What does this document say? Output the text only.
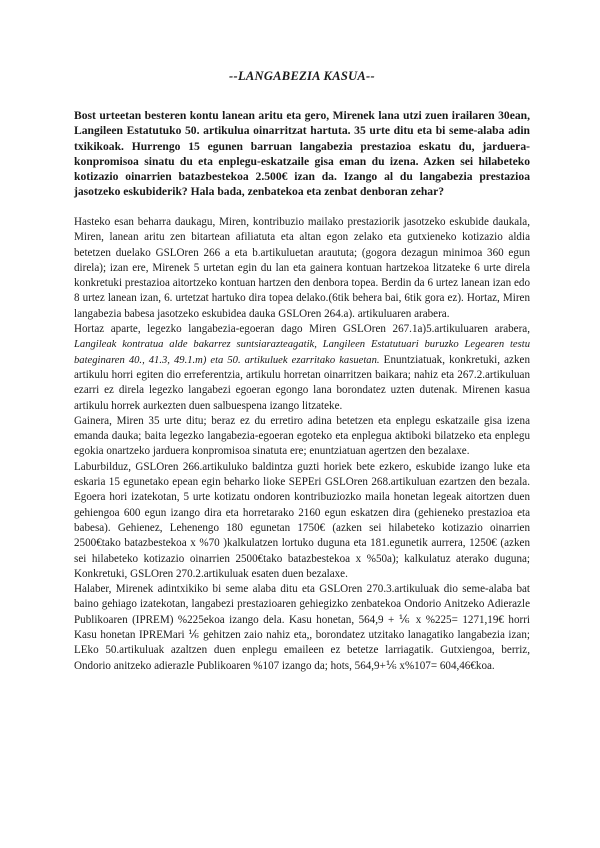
--LANGABEZIA KASUA--

Bost urteetan besteren kontu lanean aritu eta gero, Mirenek lana utzi zuen irailaren 30ean, Langileen Estatutuko 50. artikulua oinarritzat hartuta. 35 urte ditu eta bi seme-alaba adin txikikoak. Hurrengo 15 egunen barruan langabezia prestazioa eskatu du, jarduera-konpromisoa sinatu du eta enplegu-eskatzaile gisa eman du izena. Azken sei hilabeteko kotizazio oinarrien batazbestekoa 2.500€ izan da. Izango al du langabezia prestazioa jasotzeko eskubiderik? Hala bada, zenbatekoa eta zenbat denboran zehar?

Hasteko esan beharra daukagu, Miren, kontribuzio mailako prestaziorik jasotzeko eskubide daukala, Miren, lanean aritu zen bitartean afiliatuta eta altan egon zelako eta gutxieneko kotizazio aldia betetzen duelako GSLOren 266 a eta b.artikuluetan araututa; (gogora dezagun minimoa 360 egun direla); izan ere, Mirenek 5 urtetan egin du lan eta gainera kontuan hartzekoa litzateke 6 urte direla konkretuki prestazioa aitortzeko kontuan hartzen den denbora topea. Berdin da 6 urtez lanean izan edo 8 urtez lanean izan, 6. urtetzat hartuko dira topea delako.(6tik behera bai, 6tik gora ez). Hortaz, Miren langabezia babesa jasotzeko eskubidea dauka GSLOren 264.a). artikuluaren arabera.

Hortaz aparte, legezko langabezia-egoeran dago Miren GSLOren 267.1a)5.artikuluaren arabera, Langileak kontratua alde bakarrez suntsiarazteagatik, Langileen Estatutuari buruzko Legearen testu bateginaren 40., 41.3, 49.1.m) eta 50. artikuluek ezarritako kasuetan. Enuntziatuak, konkretuki, azken artikulu horri egiten dio erreferentzia, artikulu horretan oinarritzen baikara; nahiz eta 267.2.artikuluan ezarri ez direla legezko langabezi egoeran egongo lana borondatez uzten dutenak. Mirenen kasua artikulu horrek aurkezten duen salbuespena izango litzateke.

Gainera, Miren 35 urte ditu; beraz ez du erretiro adina betetzen eta enplegu eskatzaile gisa izena emanda dauka; baita legezko langabezia-egoeran egoteko eta enplegua aktiboki bilatzeko eta enplegu egokia onartzeko jarduera konpromisoa sinatuta ere; enuntziatuan agertzen den bezalaxe.

Laburbilduz, GSLOren 266.artikuluko baldintza guzti horiek bete ezkero, eskubide izango luke eta eskaria 15 egunetako epean egin beharko lioke SEPEri GSLOren 268.artikuluan ezartzen den bezala. Egoera hori izatekotan, 5 urte kotizatu ondoren kontribuziozko maila honetan legeak aitortzen duen gehiengoa 600 egun izango dira eta horretarako 2160 egun eskatzen dira (gehieneko prestazioa eta babesa). Gehienez, Lehenengo 180 egunetan 1750€ (azken sei hilabeteko kotizazio oinarrien 2500€tako batazbestekoa x %70 )kalkulatzen lortuko duguna eta 181.egunetik aurrera, 1250€ (azken sei hilabeteko kotizazio oinarrien 2500€tako batazbestekoa x %50a); kalkulatuz aterako duguna; Konkretuki, GSLOren 270.2.artikuluak esaten duen bezalaxe.

Halaber, Mirenek adintxikiko bi seme alaba ditu eta GSLOren 270.3.artikuluak dio seme-alaba bat baino gehiago izatekotan, langabezi prestazioaren gehiegizko zenbatekoa Ondorio Anitzeko Adierazle Publikoaren (IPREM) %225ekoa izango dela. Kasu honetan, 564,9 + ⅙ x %225= 1271,19€ horri Kasu honetan IPREMari ⅙ gehitzen zaio nahiz eta,, borondatez utzitako lanagatiko langabezia izan; LEko 50.artikuluak azaltzen duen enplegu emaileen ez betetze larriagatik. Gutxiengoa, berriz, Ondorio anitzeko adierazle Publikoaren %107 izango da; hots, 564,9+⅙ x%107= 604,46€koa.
